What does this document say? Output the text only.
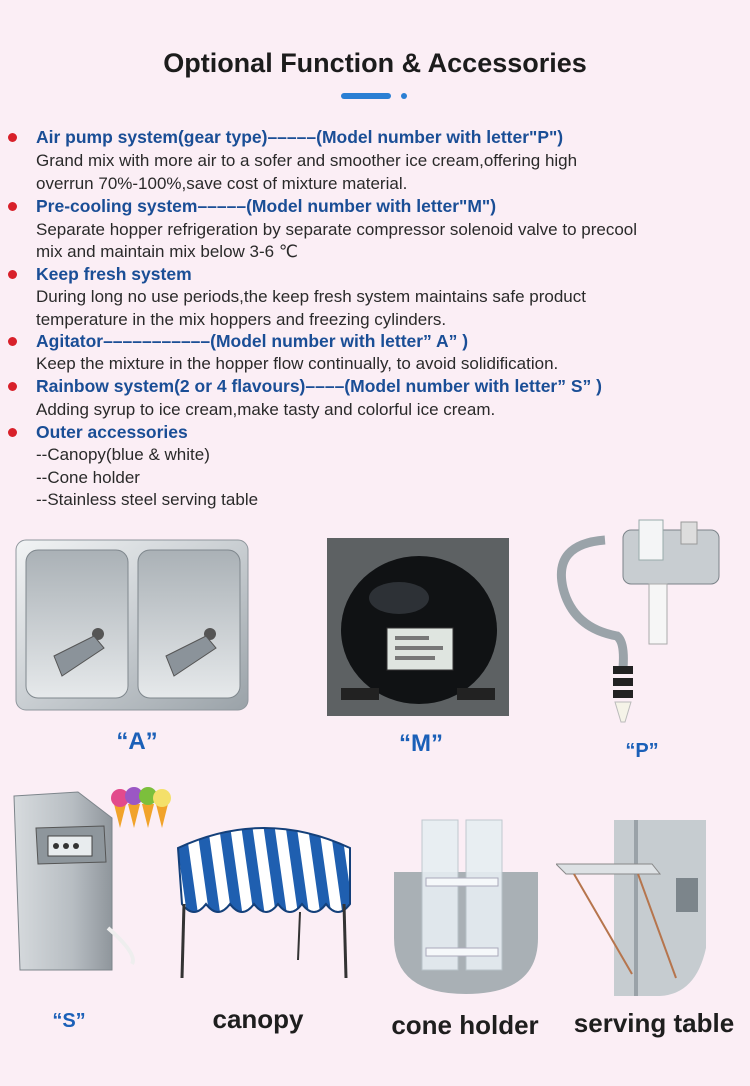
Optional Function & Accessories
Air pump system(gear type)–––––(Model number with letter"P")
Grand mix with more air to a sofer and smoother ice cream,offering high
overrun 70%-100%,save cost of mixture material.
Pre-cooling system–––––(Model number with letter"M")
Separate hopper refrigeration by separate compressor solenoid valve to precool
mix and maintain mix below 3-6 ℃
Keep fresh system
During long no use periods,the keep fresh system maintains safe product
temperature in the mix hoppers and freezing cylinders.
Agitator–––––––––––(Model number with letter” A” )
Keep the mixture in the hopper flow continually, to avoid solidification.
Rainbow system(2 or 4 flavours)––––(Model number with letter” S” )
Adding syrup to ice cream,make tasty and colorful ice cream.
Outer accessories
--Canopy(blue & white)
--Cone holder
--Stainless steel serving table
“A”	“M”	“P”
“S”	canopy	cone holder serving table
